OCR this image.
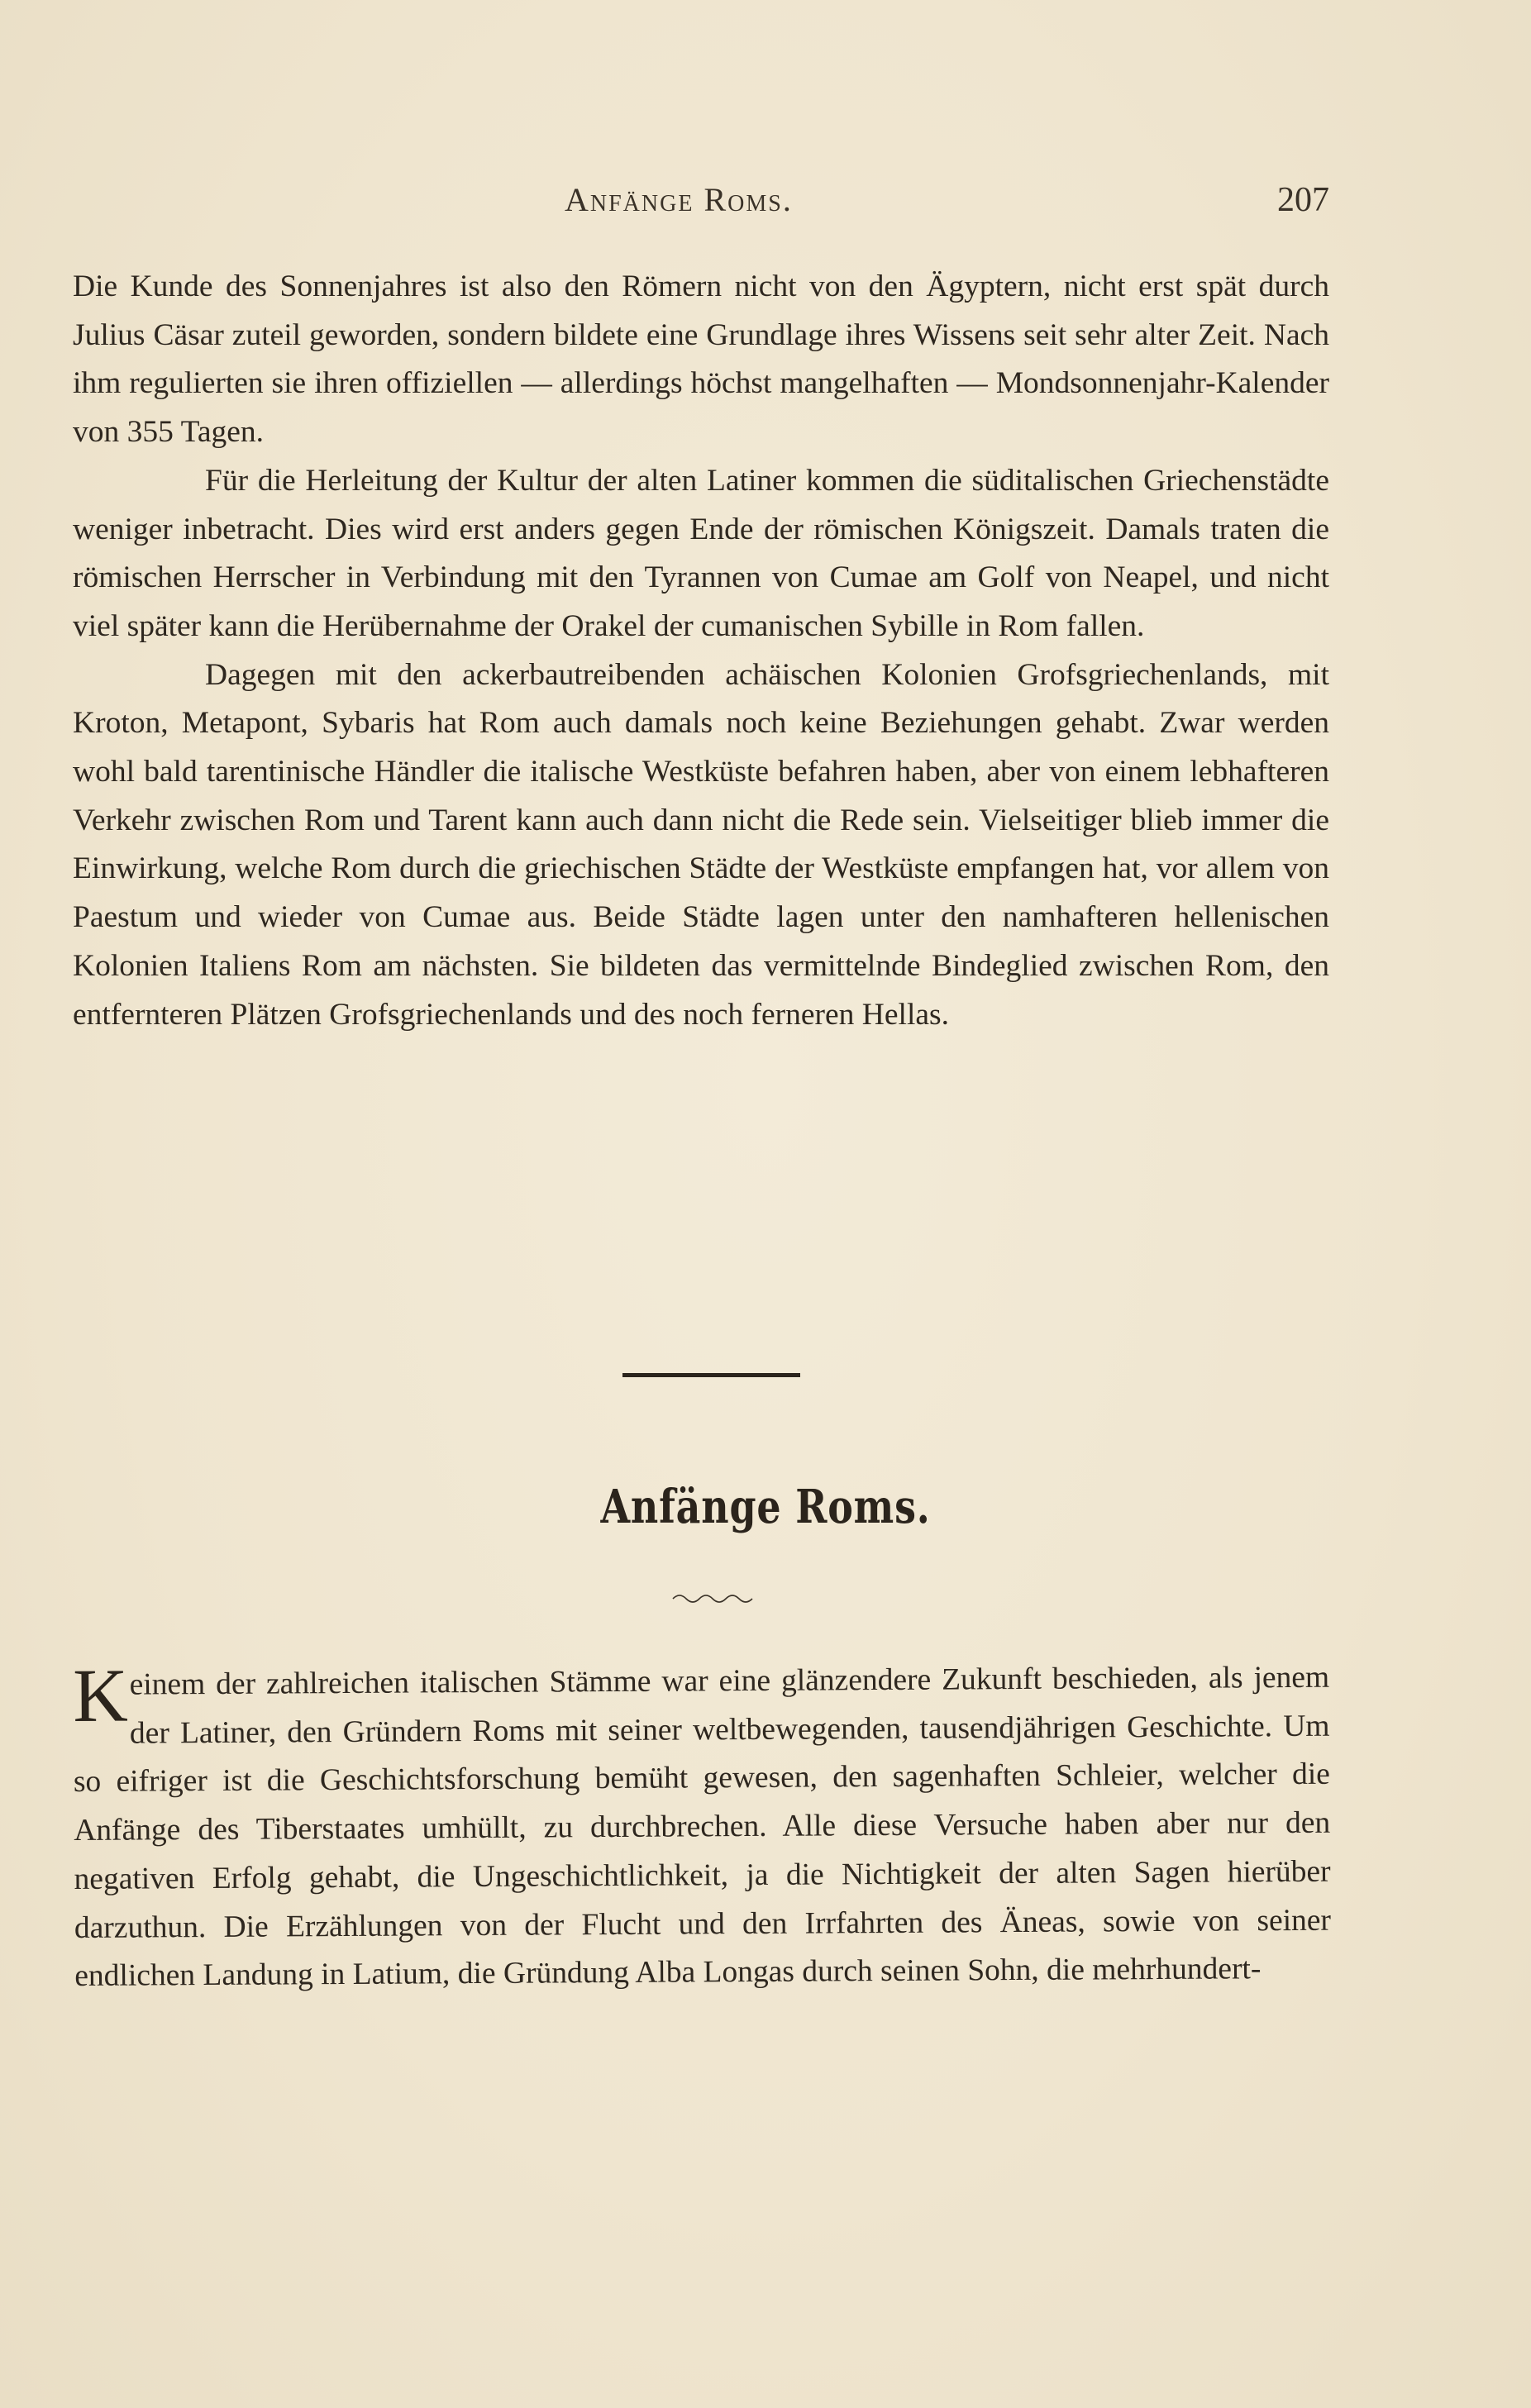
Anfänge Roms.	207

Die Kunde des Sonnenjahres ist also den Römern nicht von den Ägyptern, nicht erst spät durch Julius Cäsar zuteil geworden, sondern bildete eine Grundlage ihres Wissens seit sehr alter Zeit. Nach ihm regulierten sie ihren offiziellen — allerdings höchst mangelhaften — Mondsonnenjahr-Kalender von 355 Tagen.

Für die Herleitung der Kultur der alten Latiner kommen die süditalischen Griechenstädte weniger inbetracht. Dies wird erst anders gegen Ende der römischen Königszeit. Damals traten die römischen Herrscher in Verbindung mit den Tyrannen von Cumae am Golf von Neapel, und nicht viel später kann die Herübernahme der Orakel der cumanischen Sybille in Rom fallen.

Dagegen mit den ackerbautreibenden achäischen Kolonien Grofsgriechenlands, mit Kroton, Metapont, Sybaris hat Rom auch damals noch keine Beziehungen gehabt. Zwar werden wohl bald tarentinische Händler die italische Westküste befahren haben, aber von einem lebhafteren Verkehr zwischen Rom und Tarent kann auch dann nicht die Rede sein. Vielseitiger blieb immer die Einwirkung, welche Rom durch die griechischen Städte der Westküste empfangen hat, vor allem von Paestum und wieder von Cumae aus. Beide Städte lagen unter den namhafteren hellenischen Kolonien Italiens Rom am nächsten. Sie bildeten das vermittelnde Bindeglied zwischen Rom, den entfernteren Plätzen Grofsgriechenlands und des noch ferneren Hellas.

Anfänge Roms.

Keinem der zahlreichen italischen Stämme war eine glänzendere Zukunft beschieden, als jenem der Latiner, den Gründern Roms mit seiner weltbewegenden, tausendjährigen Geschichte. Um so eifriger ist die Geschichtsforschung bemüht gewesen, den sagenhaften Schleier, welcher die Anfänge des Tiberstaates umhüllt, zu durchbrechen. Alle diese Versuche haben aber nur den negativen Erfolg gehabt, die Ungeschichtlichkeit, ja die Nichtigkeit der alten Sagen hierüber darzuthun. Die Erzählungen von der Flucht und den Irrfahrten des Äneas, sowie von seiner endlichen Landung in Latium, die Gründung Alba Longas durch seinen Sohn, die mehrhundert-
